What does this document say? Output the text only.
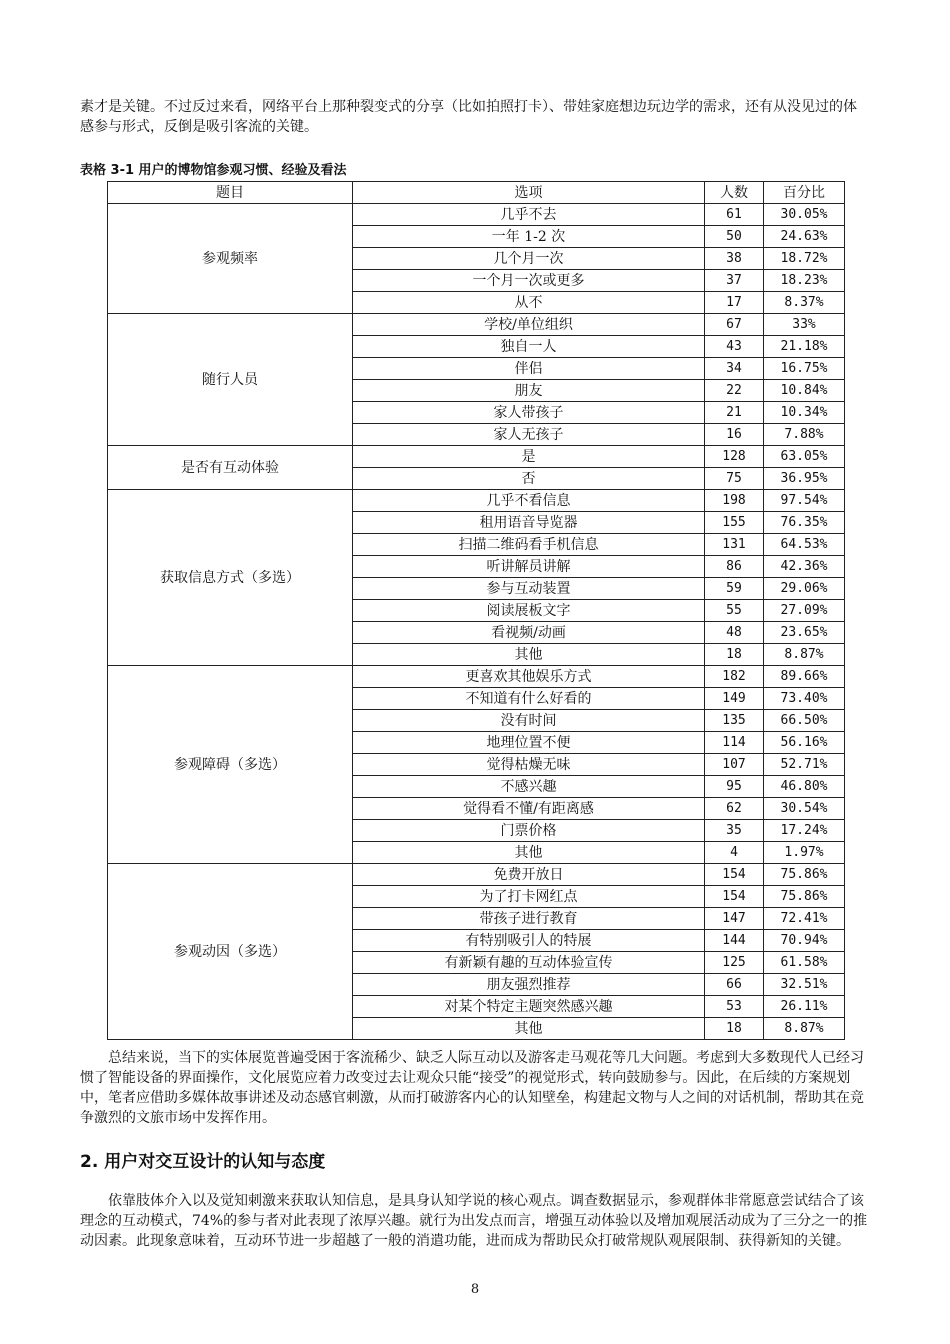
素才是关键。不过反过来看，网络平台上那种裂变式的分享（比如拍照打卡）、带娃家庭想边玩边学的需求，还有从没见过的体感参与形式，反倒是吸引客流的关键。

表格 3-1 用户的博物馆参观习惯、经验及看法

题目	选项	人数	百分比
参观频率	几乎不去	61	30.05%
	一年 1-2 次	50	24.63%
	几个月一次	38	18.72%
	一个月一次或更多	37	18.23%
	从不	17	8.37%
随行人员	学校/单位组织	67	33%
	独自一人	43	21.18%
	伴侣	34	16.75%
	朋友	22	10.84%
	家人带孩子	21	10.34%
	家人无孩子	16	7.88%
是否有互动体验	是	128	63.05%
	否	75	36.95%
获取信息方式（多选）	几乎不看信息	198	97.54%
	租用语音导览器	155	76.35%
	扫描二维码看手机信息	131	64.53%
	听讲解员讲解	86	42.36%
	参与互动装置	59	29.06%
	阅读展板文字	55	27.09%
	看视频/动画	48	23.65%
	其他	18	8.87%
参观障碍（多选）	更喜欢其他娱乐方式	182	89.66%
	不知道有什么好看的	149	73.40%
	没有时间	135	66.50%
	地理位置不便	114	56.16%
	觉得枯燥无味	107	52.71%
	不感兴趣	95	46.80%
	觉得看不懂/有距离感	62	30.54%
	门票价格	35	17.24%
	其他	4	1.97%
参观动因（多选）	免费开放日	154	75.86%
	为了打卡网红点	154	75.86%
	带孩子进行教育	147	72.41%
	有特别吸引人的特展	144	70.94%
	有新颖有趣的互动体验宣传	125	61.58%
	朋友强烈推荐	66	32.51%
	对某个特定主题突然感兴趣	53	26.11%
	其他	18	8.87%

总结来说，当下的实体展览普遍受困于客流稀少、缺乏人际互动以及游客走马观花等几大问题。考虑到大多数现代人已经习惯了智能设备的界面操作，文化展览应着力改变过去让观众只能“接受”的视觉形式，转向鼓励参与。因此，在后续的方案规划中，笔者应借助多媒体故事讲述及动态感官刺激，从而打破游客内心的认知壁垒，构建起文物与人之间的对话机制，帮助其在竞争激烈的文旅市场中发挥作用。

2. 用户对交互设计的认知与态度

依靠肢体介入以及觉知刺激来获取认知信息，是具身认知学说的核心观点。调查数据显示，参观群体非常愿意尝试结合了该理念的互动模式，74%的参与者对此表现了浓厚兴趣。就行为出发点而言，增强互动体验以及增加观展活动成为了三分之一的推动因素。此现象意味着，互动环节进一步超越了一般的消遣功能，进而成为帮助民众打破常规队观展限制、获得新知的关键。

8
